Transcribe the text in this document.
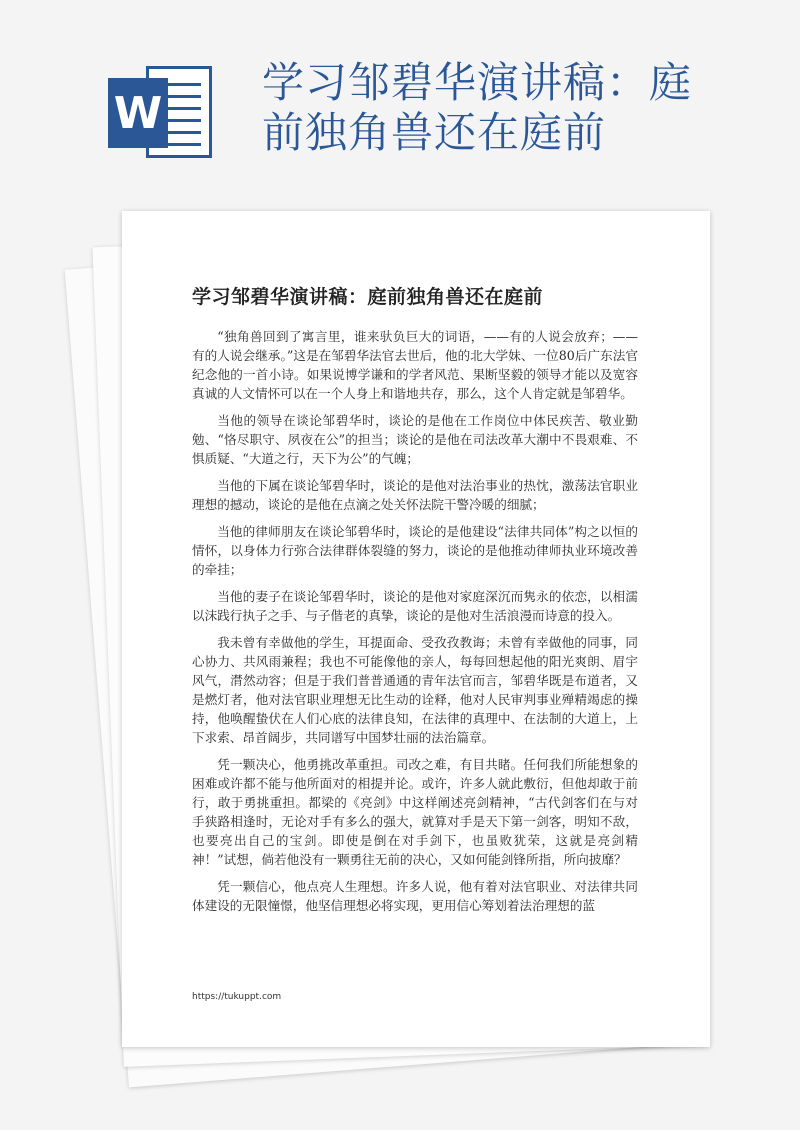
W
学习邹碧华演讲稿：庭前独角兽还在庭前
学习邹碧华演讲稿：庭前独角兽还在庭前

“独角兽回到了寓言里，谁来驮负巨大的词语，——有的人说会放弃；——有的人说会继承。”这是在邹碧华法官去世后，他的北大学妹、一位80后广东法官纪念他的一首小诗。如果说博学谦和的学者风范、果断坚毅的领导才能以及宽容真诚的人文情怀可以在一个人身上和谐地共存，那么，这个人肯定就是邹碧华。

当他的领导在谈论邹碧华时，谈论的是他在工作岗位中体民疾苦、敬业勤勉、“恪尽职守、夙夜在公”的担当；谈论的是他在司法改革大潮中不畏艰难、不惧质疑、“大道之行，天下为公”的气魄；

当他的下属在谈论邹碧华时，谈论的是他对法治事业的热忱，激荡法官职业理想的撼动，谈论的是他在点滴之处关怀法院干警冷暖的细腻；

当他的律师朋友在谈论邹碧华时，谈论的是他建设“法律共同体”构之以恒的情怀，以身体力行弥合法律群体裂缝的努力，谈论的是他推动律师执业环境改善的牵挂；

当他的妻子在谈论邹碧华时，谈论的是他对家庭深沉而隽永的依恋，以相濡以沫践行执子之手、与子偕老的真挚，谈论的是他对生活浪漫而诗意的投入。

我未曾有幸做他的学生，耳提面命、受孜孜教诲；未曾有幸做他的同事，同心协力、共风雨兼程；我也不可能像他的亲人，每每回想起他的阳光爽朗、眉宇风气，潸然动容；但是于我们普普通通的青年法官而言，邹碧华既是布道者，又是燃灯者，他对法官职业理想无比生动的诠释，他对人民审判事业殚精竭虑的操持，他唤醒蛰伏在人们心底的法律良知，在法律的真理中、在法制的大道上，上下求索、昂首阔步，共同谱写中国梦壮丽的法治篇章。

凭一颗决心，他勇挑改革重担。司改之难，有目共睹。任何我们所能想象的困难或许都不能与他所面对的相提并论。或许，许多人就此敷衍，但他却敢于前行，敢于勇挑重担。都梁的《亮剑》中这样阐述亮剑精神，“古代剑客们在与对手狭路相逢时，无论对手有多么的强大，就算对手是天下第一剑客，明知不敌，也要亮出自己的宝剑。即使是倒在对手剑下，也虽败犹荣，这就是亮剑精神！”试想，倘若他没有一颗勇往无前的决心，又如何能剑锋所指，所向披靡？

凭一颗信心，他点亮人生理想。许多人说，他有着对法官职业、对法律共同体建设的无限憧憬，他坚信理想必将实现，更用信心筹划着法治理想的蓝

https://tukuppt.com
